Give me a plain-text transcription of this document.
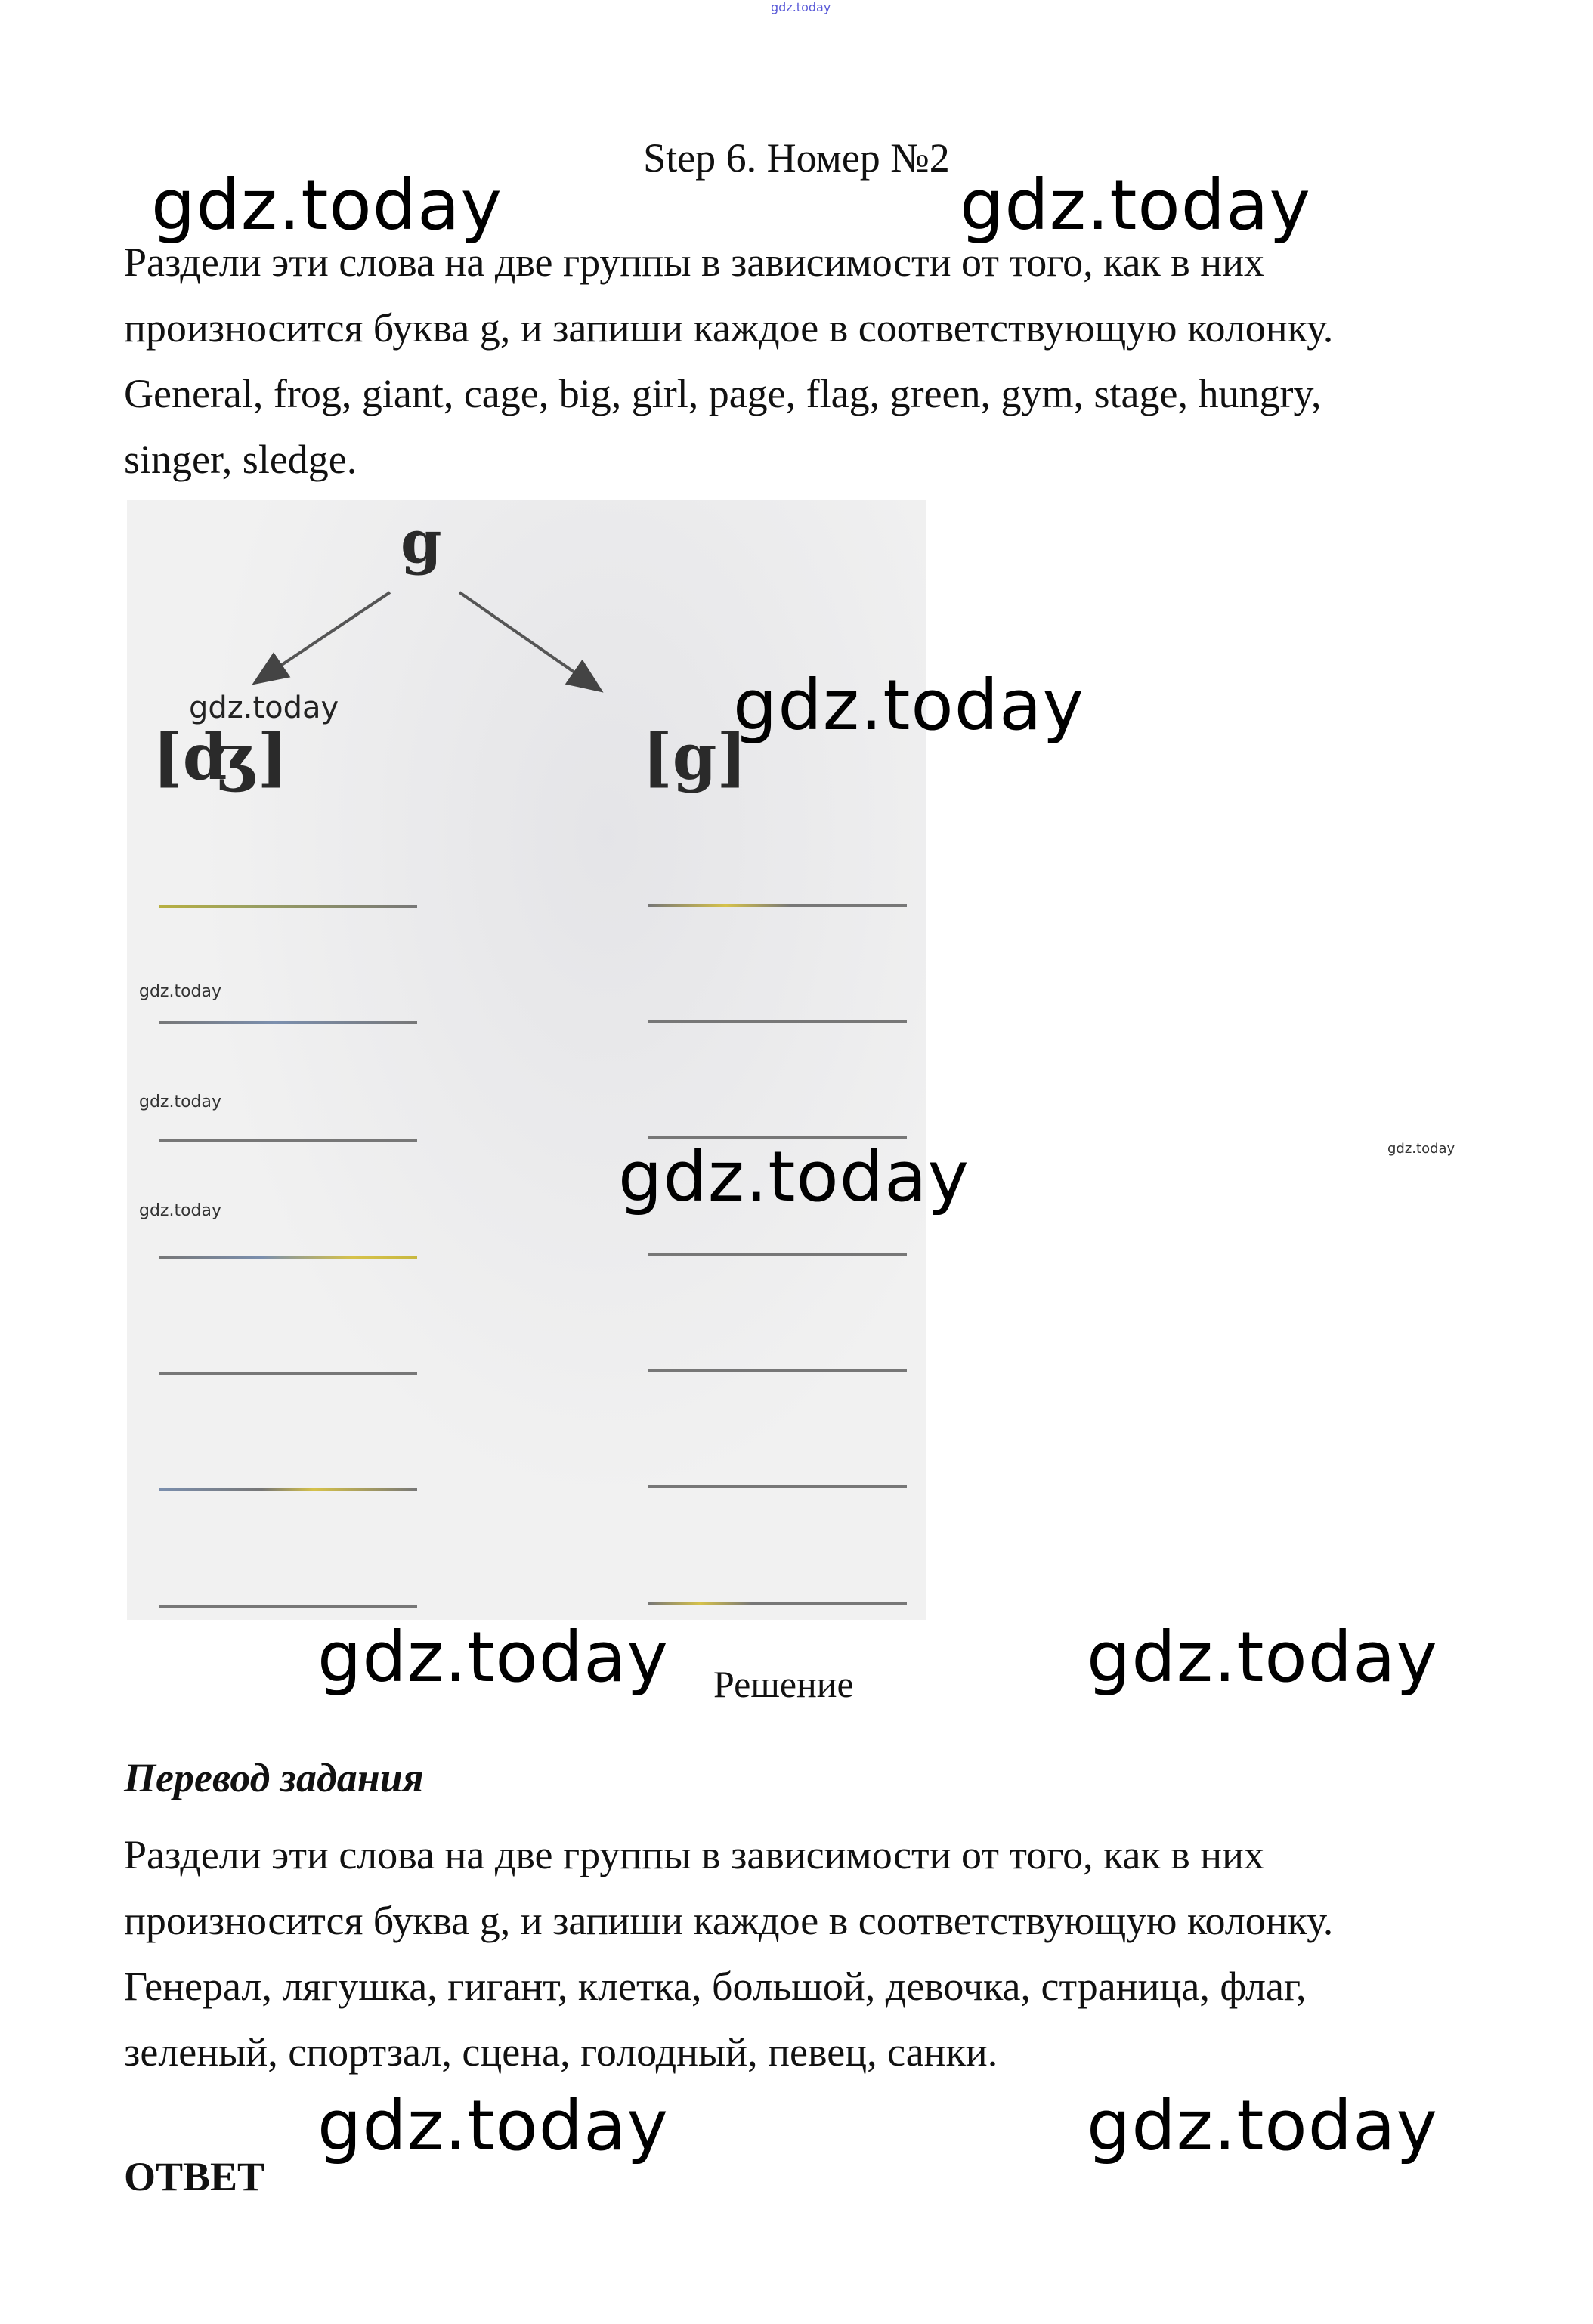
gdz.today
Step 6. Номер №2
gdz.today	gdz.today

Раздели эти слова на две группы в зависимости от того, как в них

произносится буква g, и запиши каждое в соответствующую колонку.

General, frog, giant, cage, big, girl, page, flag, green, gym, stage, hungry,

singer, sledge.

g
[ʤ]	[g]
gdz.today	gdz.today
gdz.today
gdz.today
gdz.today	gdz.today	gdz.today
gdz.today Решение	gdz.today
Перевод задания

Раздели эти слова на две группы в зависимости от того, как в них

произносится буква g, и запиши каждое в соответствующую колонку.

Генерал, лягушка, гигант, клетка, большой, девочка, страница, флаг,

зеленый, спортзал, сцена, голодный, певец, санки.

gdz.today	gdz.today
ОТВЕТ
